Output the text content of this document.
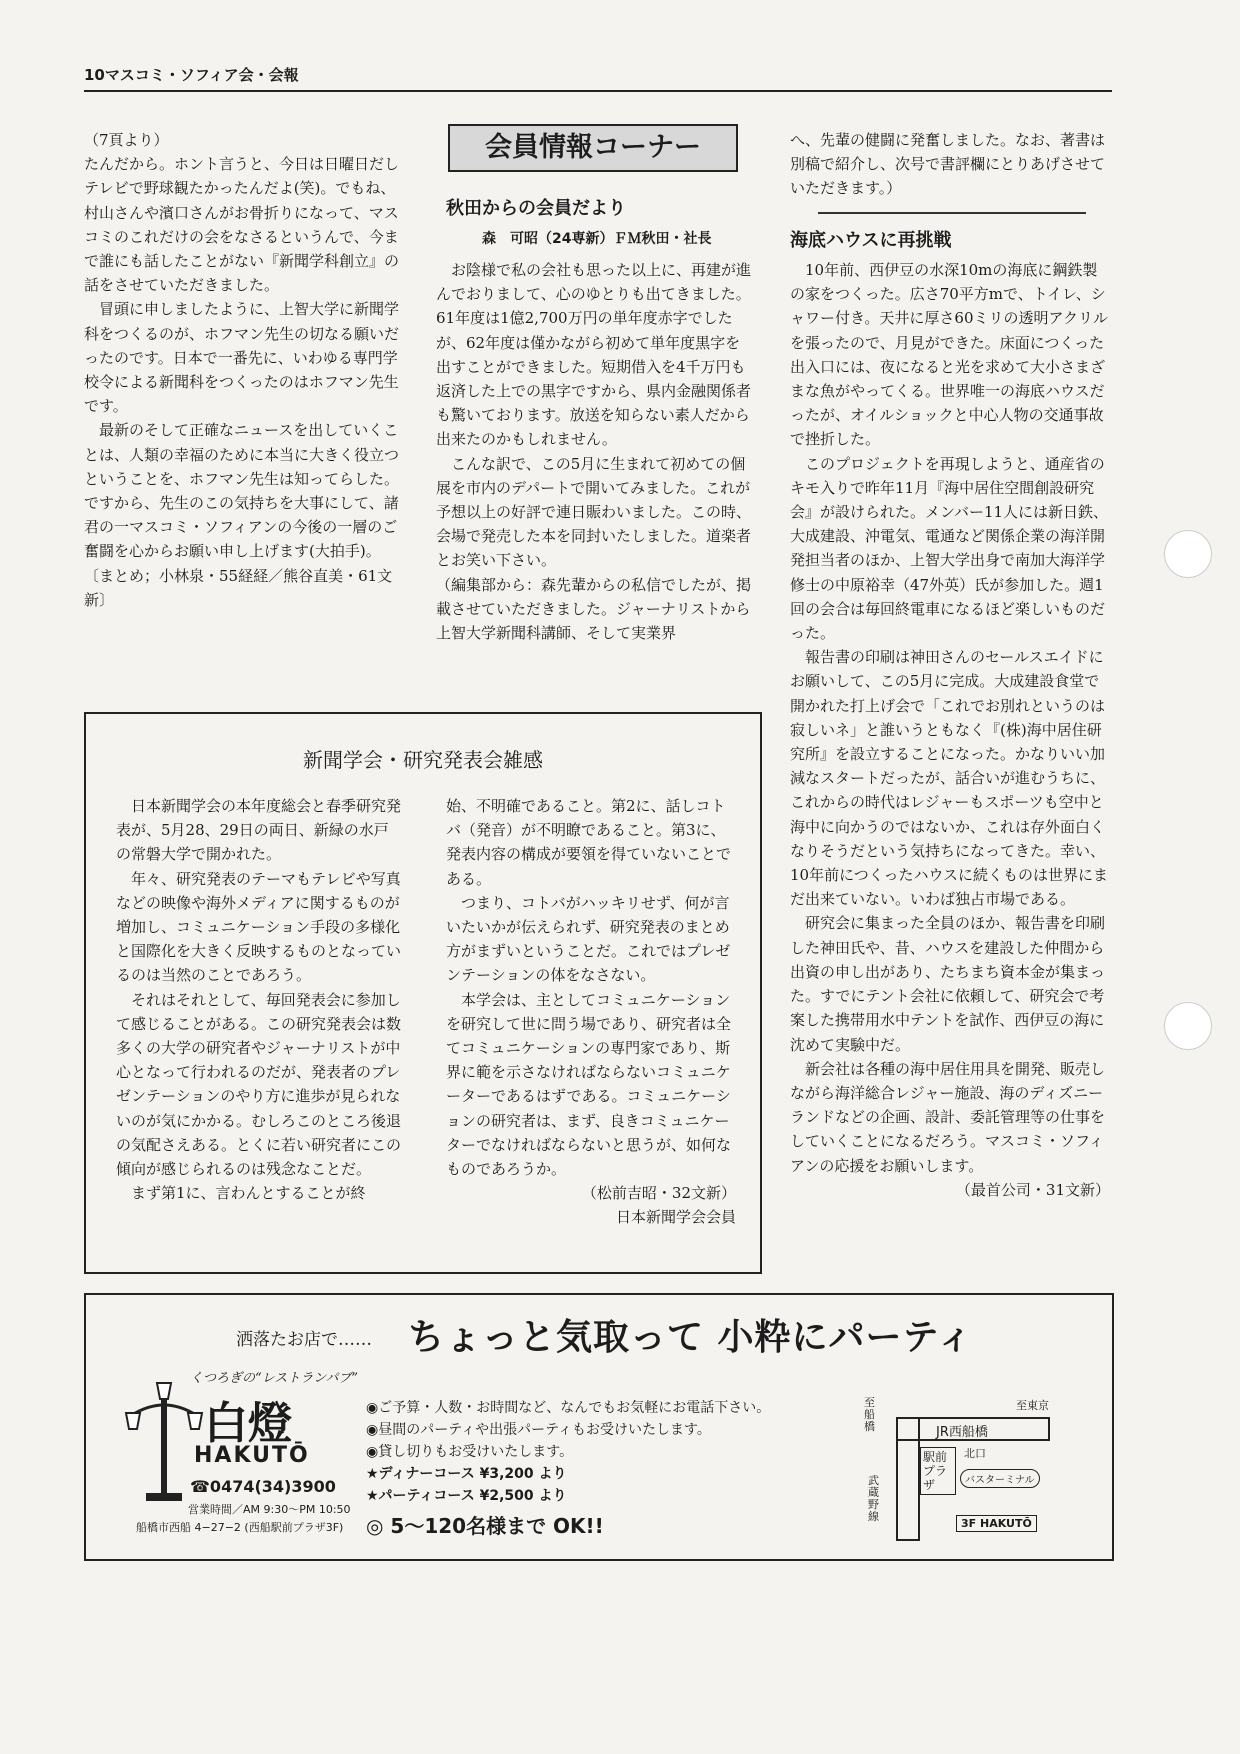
10マスコミ・ソフィア会・会報

（7頁より）

たんだから。ホント言うと、今日は日曜日だしテレビで野球観たかったんだよ(笑)。でもね、村山さんや濱口さんがお骨折りになって、マスコミのこれだけの会をなさるというんで、今まで誰にも話したことがない『新聞学科創立』の話をさせていただきました。

冒頭に申しましたように、上智大学に新聞学科をつくるのが、ホフマン先生の切なる願いだったのです。日本で一番先に、いわゆる専門学校令による新聞科をつくったのはホフマン先生です。

最新のそして正確なニュースを出していくことは、人類の幸福のために本当に大きく役立つということを、ホフマン先生は知ってらした。ですから、先生のこの気持ちを大事にして、諸君の一マスコミ・ソフィアンの今後の一層のご奮闘を心からお願い申し上げます(大拍手)。

〔まとめ；小林泉・55経経／熊谷直美・61文新〕

会員情報コーナー
秋田からの会員だより
森　可昭（24専新）ＦＭ秋田・社長

お陰様で私の会社も思った以上に、再建が進んでおりまして、心のゆとりも出てきました。61年度は1億2,700万円の単年度赤字でしたが、62年度は僅かながら初めて単年度黒字を出すことができました。短期借入を4千万円も返済した上での黒字ですから、県内金融関係者も驚いております。放送を知らない素人だから出来たのかもしれません。

こんな訳で、この5月に生まれて初めての個展を市内のデパートで開いてみました。これが予想以上の好評で連日賑わいました。この時、会場で発売した本を同封いたしました。道楽者とお笑い下さい。

（編集部から：森先輩からの私信でしたが、掲載させていただきました。ジャーナリストから上智大学新聞科講師、そして実業界

へ、先輩の健闘に発奮しました。なお、著書は別稿で紹介し、次号で書評欄にとりあげさせていただきます。）

海底ハウスに再挑戦

10年前、西伊豆の水深10mの海底に鋼鉄製の家をつくった。広さ70平方mで、トイレ、シャワー付き。天井に厚さ60ミリの透明アクリルを張ったので、月見ができた。床面につくった出入口には、夜になると光を求めて大小さまざまな魚がやってくる。世界唯一の海底ハウスだったが、オイルショックと中心人物の交通事故で挫折した。

このプロジェクトを再現しようと、通産省のキモ入りで昨年11月『海中居住空間創設研究会』が設けられた。メンバー11人には新日鉄、大成建設、沖電気、電通など関係企業の海洋開発担当者のほか、上智大学出身で南加大海洋学修士の中原裕幸（47外英）氏が参加した。週1回の会合は毎回終電車になるほど楽しいものだった。

報告書の印刷は神田さんのセールスエイドにお願いして、この5月に完成。大成建設食堂で開かれた打上げ会で「これでお別れというのは寂しいネ」と誰いうともなく『(株)海中居住研究所』を設立することになった。かなりいい加減なスタートだったが、話合いが進むうちに、これからの時代はレジャーもスポーツも空中と海中に向かうのではないか、これは存外面白くなりそうだという気持ちになってきた。幸い、10年前につくったハウスに続くものは世界にまだ出来ていない。いわば独占市場である。

研究会に集まった全員のほか、報告書を印刷した神田氏や、昔、ハウスを建設した仲間から出資の申し出があり、たちまち資本金が集まった。すでにテント会社に依頼して、研究会で考案した携帯用水中テントを試作、西伊豆の海に沈めて実験中だ。

新会社は各種の海中居住用具を開発、販売しながら海洋総合レジャー施設、海のディズニーランドなどの企画、設計、委託管理等の仕事をしていくことになるだろう。マスコミ・ソフィアンの応援をお願いします。

（最首公司・31文新）

新聞学会・研究発表会雑感

日本新聞学会の本年度総会と春季研究発表が、5月28、29日の両日、新緑の水戸の常磐大学で開かれた。

年々、研究発表のテーマもテレビや写真などの映像や海外メディアに関するものが増加し、コミュニケーション手段の多様化と国際化を大きく反映するものとなっているのは当然のことであろう。

それはそれとして、毎回発表会に参加して感じることがある。この研究発表会は数多くの大学の研究者やジャーナリストが中心となって行われるのだが、発表者のプレゼンテーションのやり方に進歩が見られないのが気にかかる。むしろこのところ後退の気配さえある。とくに若い研究者にこの傾向が感じられるのは残念なことだ。

まず第1に、言わんとすることが終

始、不明確であること。第2に、話しコトバ（発音）が不明瞭であること。第3に、発表内容の構成が要領を得ていないことである。

つまり、コトバがハッキリせず、何が言いたいかが伝えられず、研究発表のまとめ方がまずいということだ。これではプレゼンテーションの体をなさない。

本学会は、主としてコミュニケーションを研究して世に問う場であり、研究者は全てコミュニケーションの専門家であり、斯界に範を示さなければならないコミュニケーターであるはずである。コミュニケーションの研究者は、まず、良きコミュニケーターでなければならないと思うが、如何なものであろうか。

（松前吉昭・32文新）

日本新聞学会会員

洒落たお店で…… ちょっと気取って 小粋にパーティ
くつろぎの“レストランパブ”
白燈
HAKUTŌ
☎0474(34)3900
営業時間／AM 9:30〜PM 10:50
船橋市西船 4−27−2 (西船駅前プラザ3F)
◉ご予算・人数・お時間など、なんでもお気軽にお電話下さい。
◉昼間のパーティや出張パーティもお受けいたします。
◉貸し切りもお受けいたします。
★ディナーコース ¥3,200 より
★パーティコース ¥2,500 より
◎ 5〜120名様まで OK!!
至船橋
至東京
JR西船橋
北口
駅前プラザ	バスターミナル
武蔵野線
3F HAKUTŌ
